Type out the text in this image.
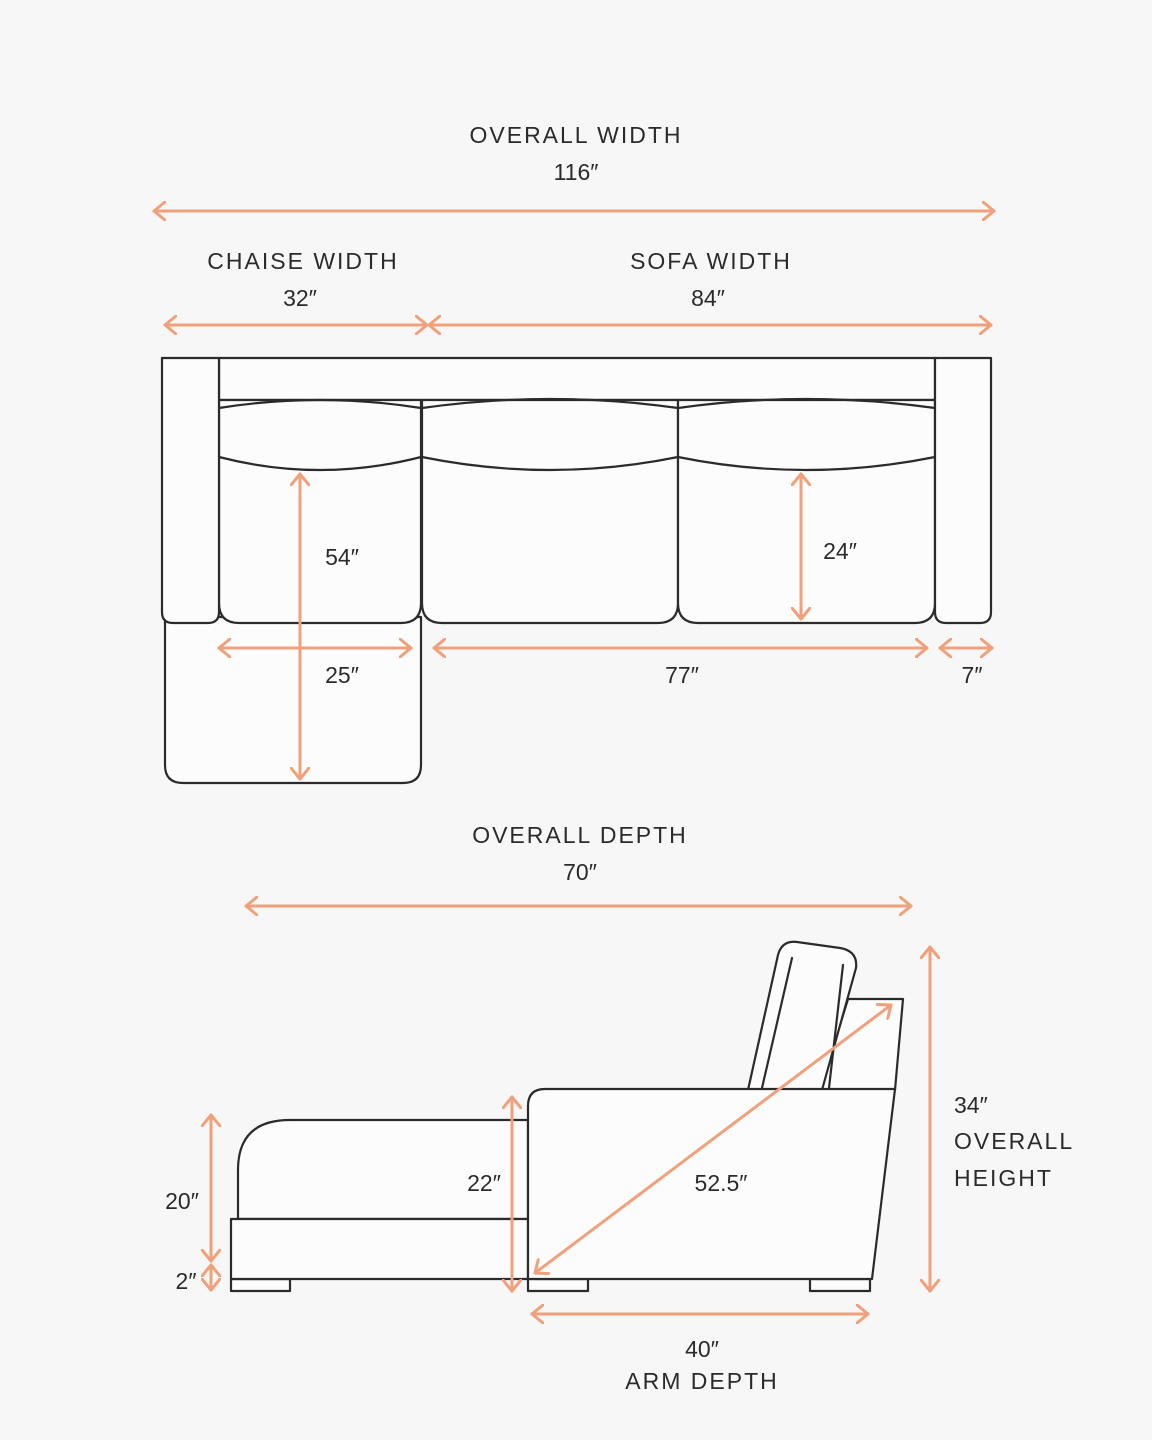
OVERALL WIDTH
116″
CHAISE WIDTH
32″
SOFA WIDTH
84″
54″	24″
25″	77″	7″
OVERALL DEPTH
70″
20″
2″
22″	52.5″
34″
OVERALL
HEIGHT
40″
ARM DEPTH
